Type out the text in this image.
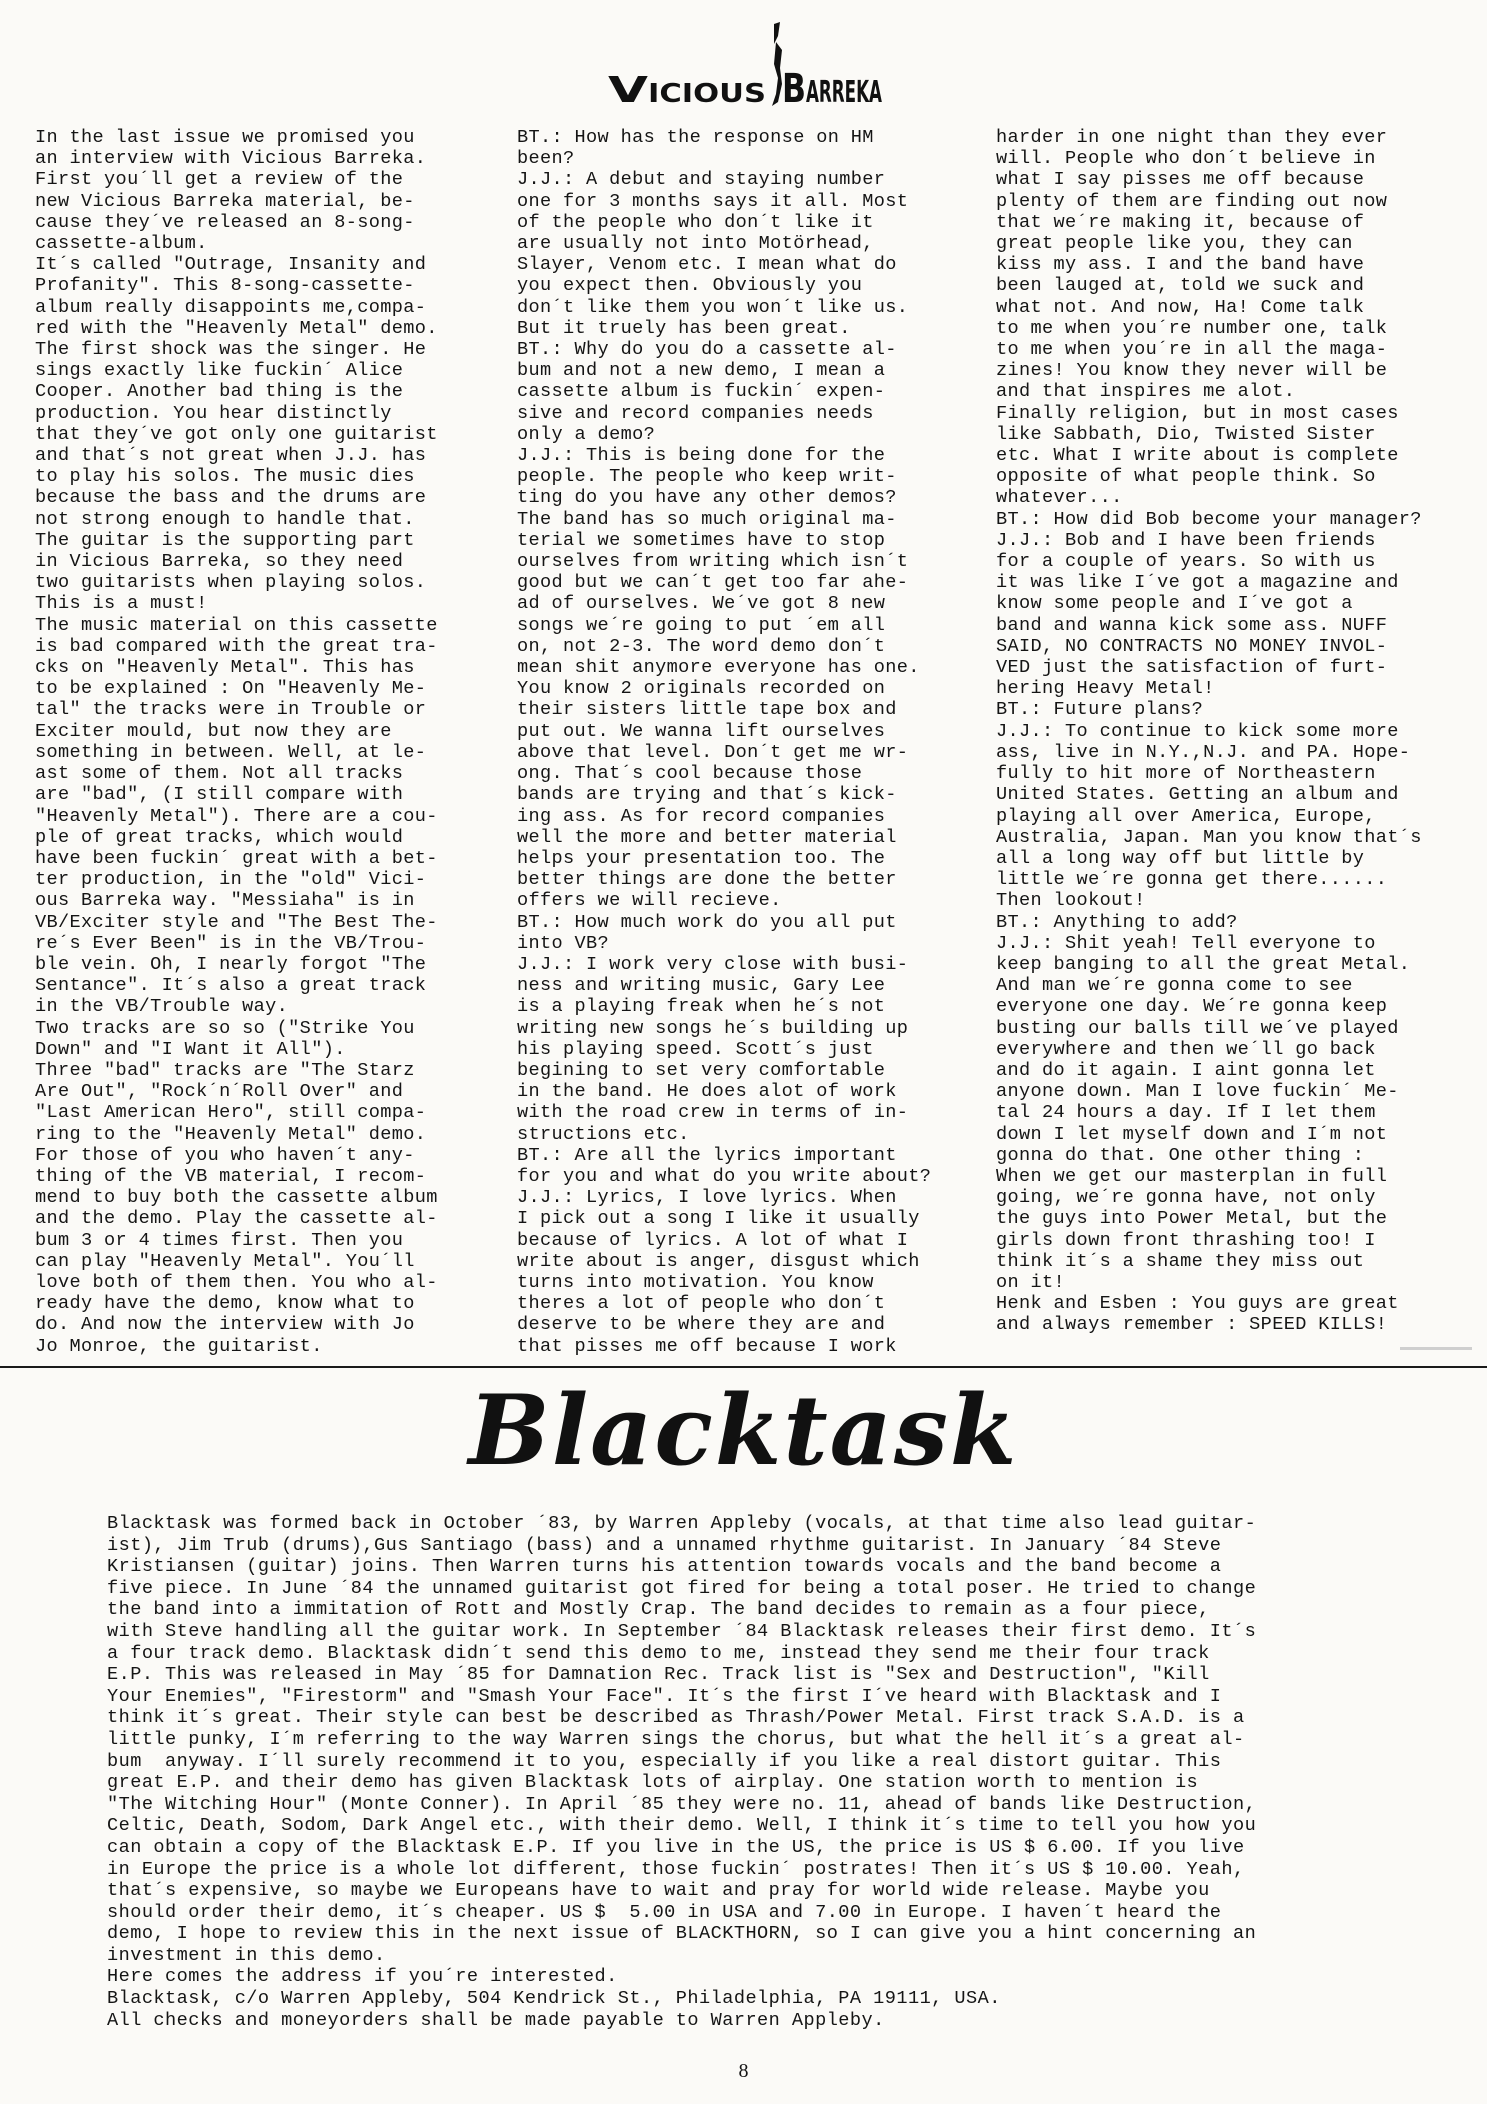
V ICIOUS B ARREKA
In the last issue we promised you
an interview with Vicious Barreka.
First you´ll get a review of the
new Vicious Barreka material, be-
cause they´ve released an 8-song-
cassette-album.
It´s called "Outrage, Insanity and
Profanity". This 8-song-cassette-
album really disappoints me,compa-
red with the "Heavenly Metal" demo.
The first shock was the singer. He
sings exactly like fuckin´ Alice
Cooper. Another bad thing is the
production. You hear distinctly
that they´ve got only one guitarist
and that´s not great when J.J. has
to play his solos. The music dies
because the bass and the drums are
not strong enough to handle that.
The guitar is the supporting part
in Vicious Barreka, so they need
two guitarists when playing solos.
This is a must!
The music material on this cassette
is bad compared with the great tra-
cks on "Heavenly Metal". This has
to be explained : On "Heavenly Me-
tal" the tracks were in Trouble or
Exciter mould, but now they are
something in between. Well, at le-
ast some of them. Not all tracks
are "bad", (I still compare with
"Heavenly Metal"). There are a cou-
ple of great tracks, which would
have been fuckin´ great with a bet-
ter production, in the "old" Vici-
ous Barreka way. "Messiaha" is in
VB/Exciter style and "The Best The-
re´s Ever Been" is in the VB/Trou-
ble vein. Oh, I nearly forgot "The
Sentance". It´s also a great track
in the VB/Trouble way.
Two tracks are so so ("Strike You
Down" and "I Want it All").
Three "bad" tracks are "The Starz
Are Out", "Rock´n´Roll Over" and
"Last American Hero", still compa-
ring to the "Heavenly Metal" demo.
For those of you who haven´t any-
thing of the VB material, I recom-
mend to buy both the cassette album
and the demo. Play the cassette al-
bum 3 or 4 times first. Then you
can play "Heavenly Metal". You´ll
love both of them then. You who al-
ready have the demo, know what to
do. And now the interview with Jo
Jo Monroe, the guitarist.
BT.: How has the response on HM
been?
J.J.: A debut and staying number
one for 3 months says it all. Most
of the people who don´t like it
are usually not into Motörhead,
Slayer, Venom etc. I mean what do
you expect then. Obviously you
don´t like them you won´t like us.
But it truely has been great.
BT.: Why do you do a cassette al-
bum and not a new demo, I mean a
cassette album is fuckin´ expen-
sive and record companies needs
only a demo?
J.J.: This is being done for the
people. The people who keep writ-
ting do you have any other demos?
The band has so much original ma-
terial we sometimes have to stop
ourselves from writing which isn´t
good but we can´t get too far ahe-
ad of ourselves. We´ve got 8 new
songs we´re going to put ´em all
on, not 2-3. The word demo don´t
mean shit anymore everyone has one.
You know 2 originals recorded on
their sisters little tape box and
put out. We wanna lift ourselves
above that level. Don´t get me wr-
ong. That´s cool because those
bands are trying and that´s kick-
ing ass. As for record companies
well the more and better material
helps your presentation too. The
better things are done the better
offers we will recieve.
BT.: How much work do you all put
into VB?
J.J.: I work very close with busi-
ness and writing music, Gary Lee
is a playing freak when he´s not
writing new songs he´s building up
his playing speed. Scott´s just
begining to set very comfortable
in the band. He does alot of work
with the road crew in terms of in-
structions etc.
BT.: Are all the lyrics important
for you and what do you write about?
J.J.: Lyrics, I love lyrics. When
I pick out a song I like it usually
because of lyrics. A lot of what I
write about is anger, disgust which
turns into motivation. You know
theres a lot of people who don´t
deserve to be where they are and
that pisses me off because I work
harder in one night than they ever
will. People who don´t believe in
what I say pisses me off because
plenty of them are finding out now
that we´re making it, because of
great people like you, they can
kiss my ass. I and the band have
been lauged at, told we suck and
what not. And now, Ha! Come talk
to me when you´re number one, talk
to me when you´re in all the maga-
zines! You know they never will be
and that inspires me alot.
Finally religion, but in most cases
like Sabbath, Dio, Twisted Sister
etc. What I write about is complete
opposite of what people think. So
whatever...
BT.: How did Bob become your manager?
J.J.: Bob and I have been friends
for a couple of years. So with us
it was like I´ve got a magazine and
know some people and I´ve got a
band and wanna kick some ass. NUFF
SAID, NO CONTRACTS NO MONEY INVOL-
VED just the satisfaction of furt-
hering Heavy Metal!
BT.: Future plans?
J.J.: To continue to kick some more
ass, live in N.Y.,N.J. and PA. Hope-
fully to hit more of Northeastern
United States. Getting an album and
playing all over America, Europe,
Australia, Japan. Man you know that´s
all a long way off but little by
little we´re gonna get there......
Then lookout!
BT.: Anything to add?
J.J.: Shit yeah! Tell everyone to
keep banging to all the great Metal.
And man we´re gonna come to see
everyone one day. We´re gonna keep
busting our balls till we´ve played
everywhere and then we´ll go back
and do it again. I aint gonna let
anyone down. Man I love fuckin´ Me-
tal 24 hours a day. If I let them
down I let myself down and I´m not
gonna do that. One other thing :
When we get our masterplan in full
going, we´re gonna have, not only
the guys into Power Metal, but the
girls down front thrashing too! I
think it´s a shame they miss out
on it!
Henk and Esben : You guys are great
and always remember : SPEED KILLS!
Blacktask
Blacktask was formed back in October ´83, by Warren Appleby (vocals, at that time also lead guitar-
ist), Jim Trub (drums),Gus Santiago (bass) and a unnamed rhythme guitarist. In January ´84 Steve
Kristiansen (guitar) joins. Then Warren turns his attention towards vocals and the band become a
five piece. In June ´84 the unnamed guitarist got fired for being a total poser. He tried to change
the band into a immitation of Rott and Mostly Crap. The band decides to remain as a four piece,
with Steve handling all the guitar work. In September ´84 Blacktask releases their first demo. It´s
a four track demo. Blacktask didn´t send this demo to me, instead they send me their four track
E.P. This was released in May ´85 for Damnation Rec. Track list is "Sex and Destruction", "Kill
Your Enemies", "Firestorm" and "Smash Your Face". It´s the first I´ve heard with Blacktask and I
think it´s great. Their style can best be described as Thrash/Power Metal. First track S.A.D. is a
little punky, I´m referring to the way Warren sings the chorus, but what the hell it´s a great al-
bum  anyway. I´ll surely recommend it to you, especially if you like a real distort guitar. This
great E.P. and their demo has given Blacktask lots of airplay. One station worth to mention is
"The Witching Hour" (Monte Conner). In April ´85 they were no. 11, ahead of bands like Destruction,
Celtic, Death, Sodom, Dark Angel etc., with their demo. Well, I think it´s time to tell you how you
can obtain a copy of the Blacktask E.P. If you live in the US, the price is US $ 6.00. If you live
in Europe the price is a whole lot different, those fuckin´ postrates! Then it´s US $ 10.00. Yeah,
that´s expensive, so maybe we Europeans have to wait and pray for world wide release. Maybe you
should order their demo, it´s cheaper. US $  5.00 in USA and 7.00 in Europe. I haven´t heard the
demo, I hope to review this in the next issue of BLACKTHORN, so I can give you a hint concerning an
investment in this demo.
Here comes the address if you´re interested.
Blacktask, c/o Warren Appleby, 504 Kendrick St., Philadelphia, PA 19111, USA.
All checks and moneyorders shall be made payable to Warren Appleby.
8
